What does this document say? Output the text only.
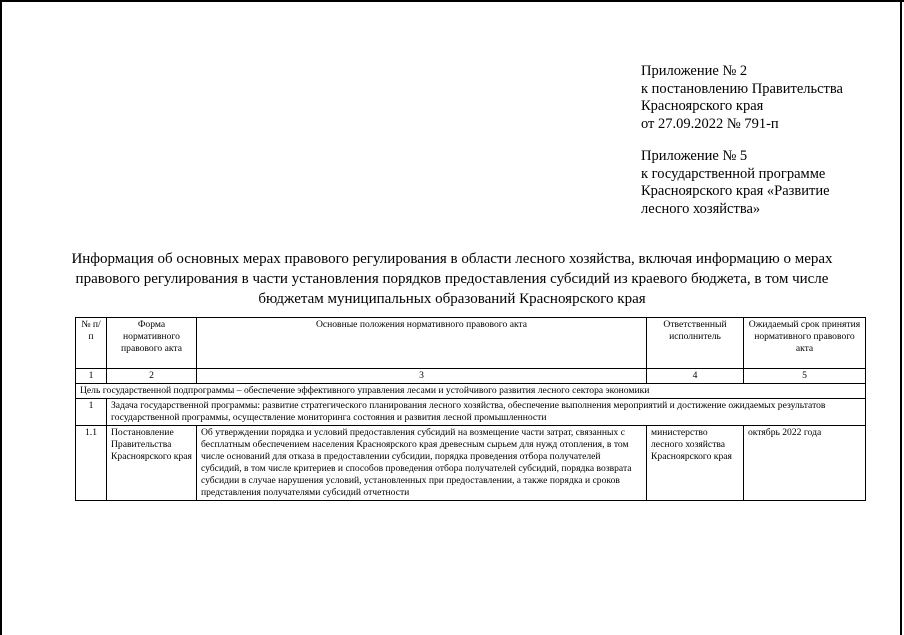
Приложение № 2
к постановлению Правительства
Красноярского края
от 27.09.2022 № 791-п
Приложение № 5
к государственной программе
Красноярского края «Развитие
лесного хозяйства»
Информация об основных мерах правового регулирования в области лесного хозяйства, включая информацию о мерах
правового регулирования в части установления порядков предоставления субсидий из краевого бюджета, в том числе
бюджетам муниципальных образований Красноярского края
№ п/п	Форма нормативного правового акта	Основные положения нормативного правового акта	Ответственный исполнитель	Ожидаемый срок принятия нормативного правового акта
1	2	3	4	5
Цель государственной подпрограммы – обеспечение эффективного управления лесами и устойчивого развития лесного сектора экономики				
1	Задача государственной программы: развитие стратегического планирования лесного хозяйства, обеспечение выполнения мероприятий и достижение ожидаемых результатов государственной программы, осуществление мониторинга состояния и развития лесной промышленности			
1.1	Постановление Правительства Красноярского края	Об утверждении порядка и условий предоставления субсидий на возмещение части затрат, связанных с бесплатным обеспечением населения Красноярского края древесным сырьем для нужд отопления, в том числе оснований для отказа в предоставлении субсидии, порядка проведения отбора получателей субсидий, в том числе критериев и способов проведения отбора получателей субсидий, порядка возврата субсидии в случае нарушения условий, установленных при предоставлении, а также порядка и сроков представления получателями субсидий отчетности	министерство лесного хозяйства Красноярского края	октябрь 2022 года
